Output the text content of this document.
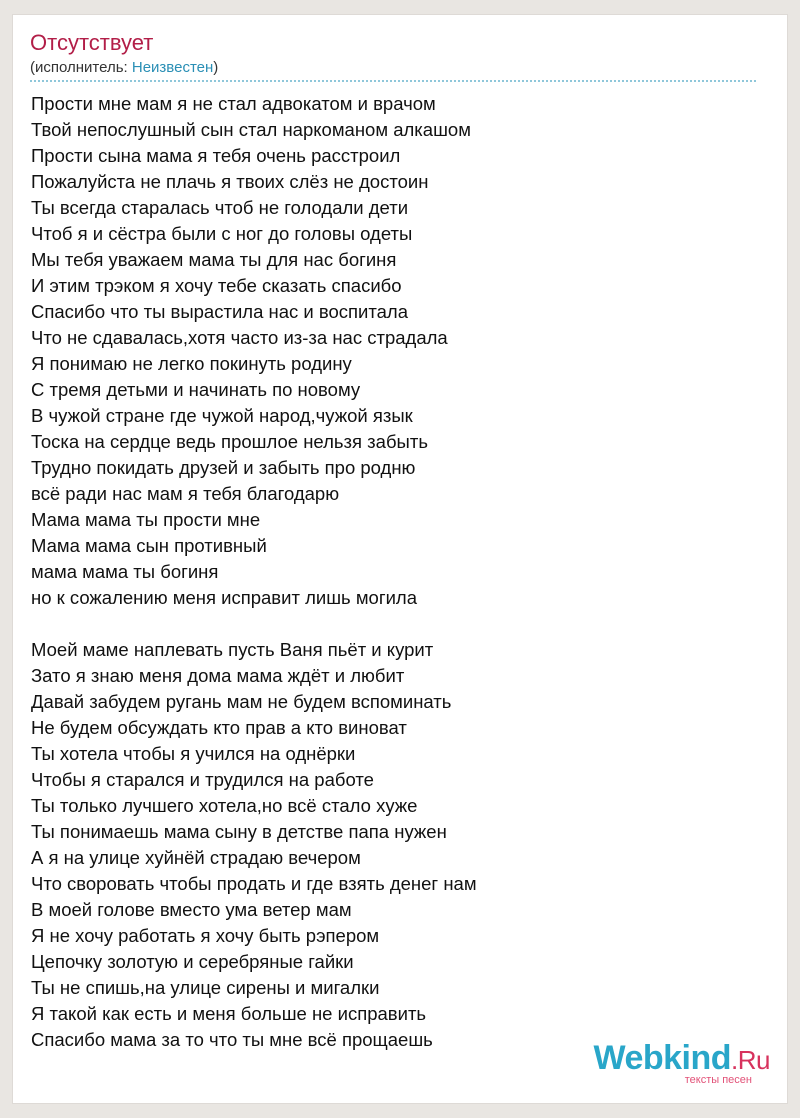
Отсутствует
(исполнитель: Неизвестен)
Прости мне мам я не стал адвокатом и врачом
Твой непослушный сын стал наркоманом алкашом
Прости сына мама я тебя очень расстроил
Пожалуйста не плачь я твоих слёз не достоин
Ты всегда старалась чтоб не голодали дети
Чтоб я и сёстра были с ног до головы одеты
Мы тебя уважаем мама ты для нас богиня
И этим трэком я хочу тебе сказать спасибо
Спасибо что ты вырастила нас и воспитала
Что не сдавалась,хотя часто из-за нас страдала
Я понимаю не легко покинуть родину
С тремя детьми и начинать по новому
В чужой стране где чужой народ,чужой язык
Тоска на сердце ведь прошлое нельзя забыть
Трудно покидать друзей и забыть про родню
всё ради нас мам я тебя благодарю
Мама мама ты прости мне
Мама мама сын противный
мама мама ты богиня
но к сожалению меня исправит лишь могила
Моей маме наплевать пусть Ваня пьёт и курит
Зато я знаю меня дома мама ждёт и любит
Давай забудем ругань мам не будем вспоминать
Не будем обсуждать кто прав а кто виноват
Ты хотела чтобы я учился на однёрки
Чтобы я старался и трудился на работе
Ты только лучшего хотела,но всё стало хуже
Ты понимаешь мама сыну в детстве папа нужен
А я на улице хуйнёй страдаю вечером
Что своровать чтобы продать и где взять денег нам
В моей голове вместо ума ветер мам
Я не хочу работать я хочу быть рэпером
Цепочку золотую и серебряные гайки
Ты не спишь,на улице сирены и мигалки
Я такой как есть и меня больше не исправить
Спасибо мама за то что ты мне всё прощаешь	Webkind.Ru
тексты песен
